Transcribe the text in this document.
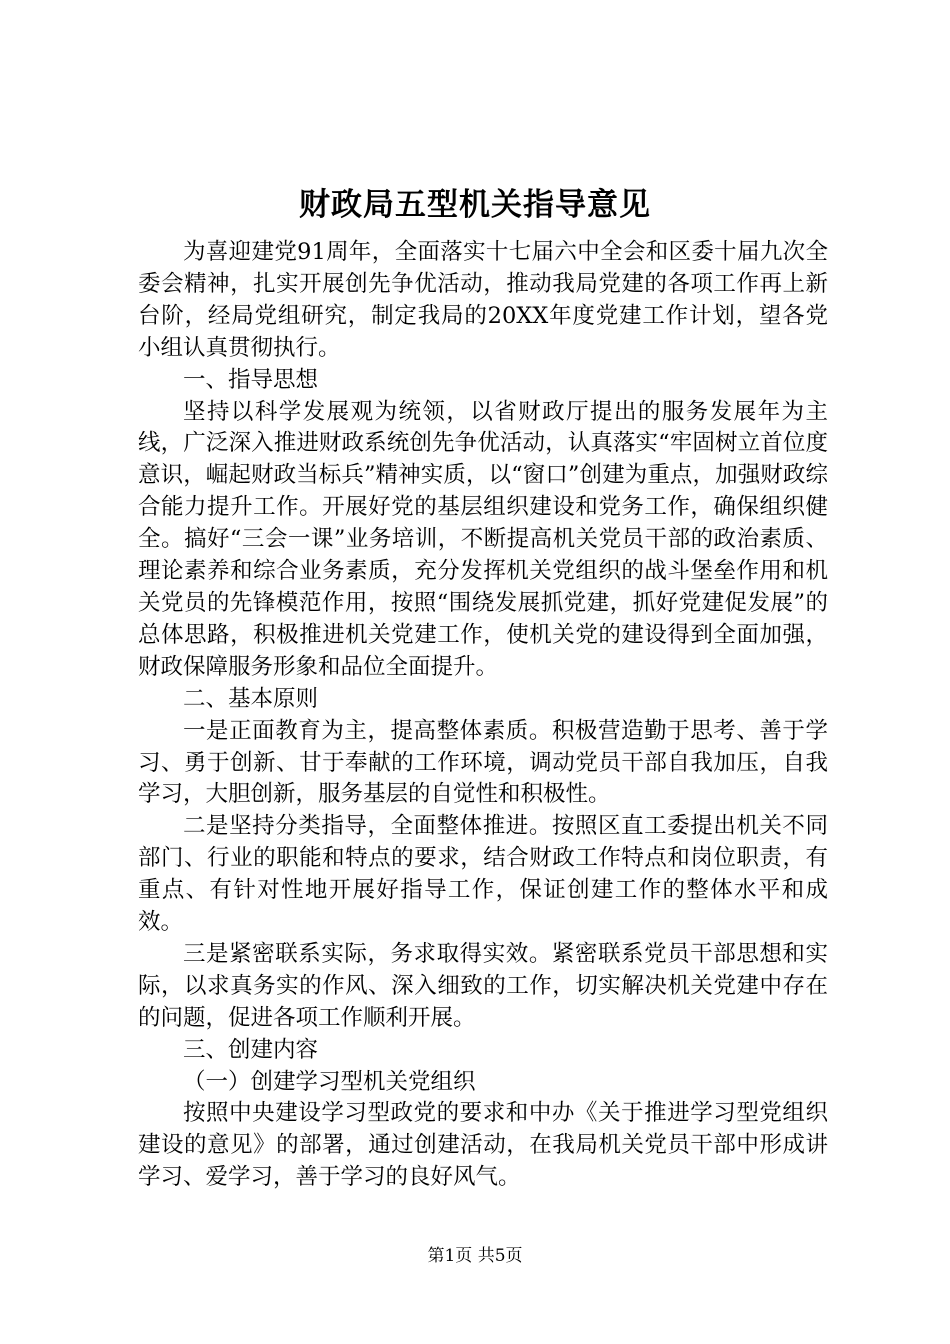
财政局五型机关指导意见

为喜迎建党91周年，全面落实十七届六中全会和区委十届九次全委会精神，扎实开展创先争优活动，推动我局党建的各项工作再上新台阶，经局党组研究，制定我局的20XX年度党建工作计划，望各党小组认真贯彻执行。

一、指导思想

坚持以科学发展观为统领，以省财政厅提出的服务发展年为主线，广泛深入推进财政系统创先争优活动，认真落实“牢固树立首位度意识，崛起财政当标兵”精神实质，以“窗口”创建为重点，加强财政综合能力提升工作。开展好党的基层组织建设和党务工作，确保组织健全。搞好“三会一课”业务培训，不断提高机关党员干部的政治素质、理论素养和综合业务素质，充分发挥机关党组织的战斗堡垒作用和机关党员的先锋模范作用，按照“围绕发展抓党建，抓好党建促发展”的总体思路，积极推进机关党建工作，使机关党的建设得到全面加强，财政保障服务形象和品位全面提升。

二、基本原则

一是正面教育为主，提高整体素质。积极营造勤于思考、善于学习、勇于创新、甘于奉献的工作环境，调动党员干部自我加压，自我学习，大胆创新，服务基层的自觉性和积极性。

二是坚持分类指导，全面整体推进。按照区直工委提出机关不同部门、行业的职能和特点的要求，结合财政工作特点和岗位职责，有重点、有针对性地开展好指导工作，保证创建工作的整体水平和成效。

三是紧密联系实际，务求取得实效。紧密联系党员干部思想和实际，以求真务实的作风、深入细致的工作，切实解决机关党建中存在的问题，促进各项工作顺利开展。

三、创建内容

（一）创建学习型机关党组织

按照中央建设学习型政党的要求和中办《关于推进学习型党组织建设的意见》的部署，通过创建活动，在我局机关党员干部中形成讲学习、爱学习，善于学习的良好风气。

第1页 共5页
